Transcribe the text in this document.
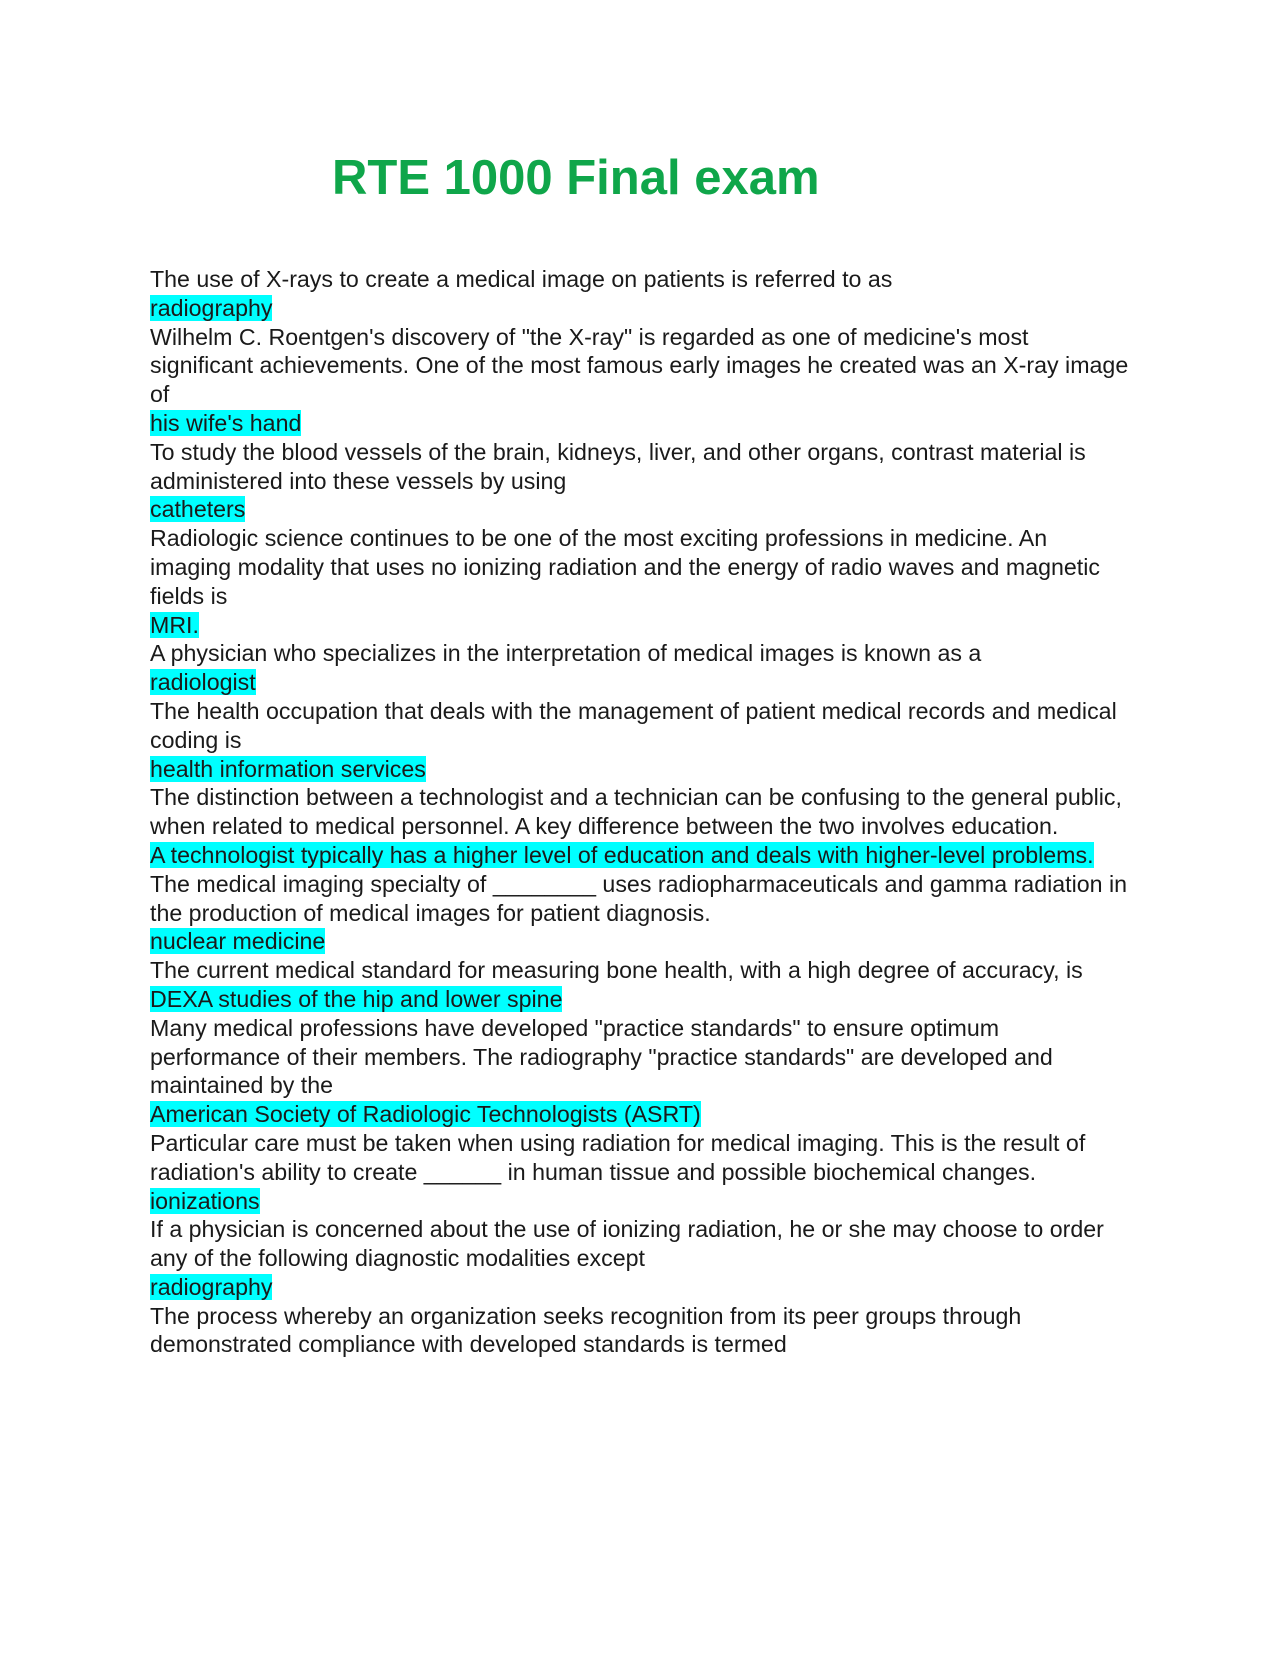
RTE 1000 Final exam

The use of X-rays to create a medical image on patients is referred to as

radiography

Wilhelm C. Roentgen's discovery of "the X-ray" is regarded as one of medicine's most significant achievements. One of the most famous early images he created was an X-ray image of

his wife's hand

To study the blood vessels of the brain, kidneys, liver, and other organs, contrast material is administered into these vessels by using

catheters

Radiologic science continues to be one of the most exciting professions in medicine. An imaging modality that uses no ionizing radiation and the energy of radio waves and magnetic fields is

MRI.

A physician who specializes in the interpretation of medical images is known as a

radiologist

The health occupation that deals with the management of patient medical records and medical coding is

health information services

The distinction between a technologist and a technician can be confusing to the general public, when related to medical personnel. A key difference between the two involves education.

A technologist typically has a higher level of education and deals with higher-level problems.

The medical imaging specialty of ________ uses radiopharmaceuticals and gamma radiation in the production of medical images for patient diagnosis.

nuclear medicine

The current medical standard for measuring bone health, with a high degree of accuracy, is

DEXA studies of the hip and lower spine

Many medical professions have developed "practice standards" to ensure optimum performance of their members. The radiography "practice standards" are developed and maintained by the

American Society of Radiologic Technologists (ASRT)

Particular care must be taken when using radiation for medical imaging. This is the result of radiation's ability to create ______ in human tissue and possible biochemical changes.

ionizations

If a physician is concerned about the use of ionizing radiation, he or she may choose to order any of the following diagnostic modalities except

radiography

The process whereby an organization seeks recognition from its peer groups through demonstrated compliance with developed standards is termed
